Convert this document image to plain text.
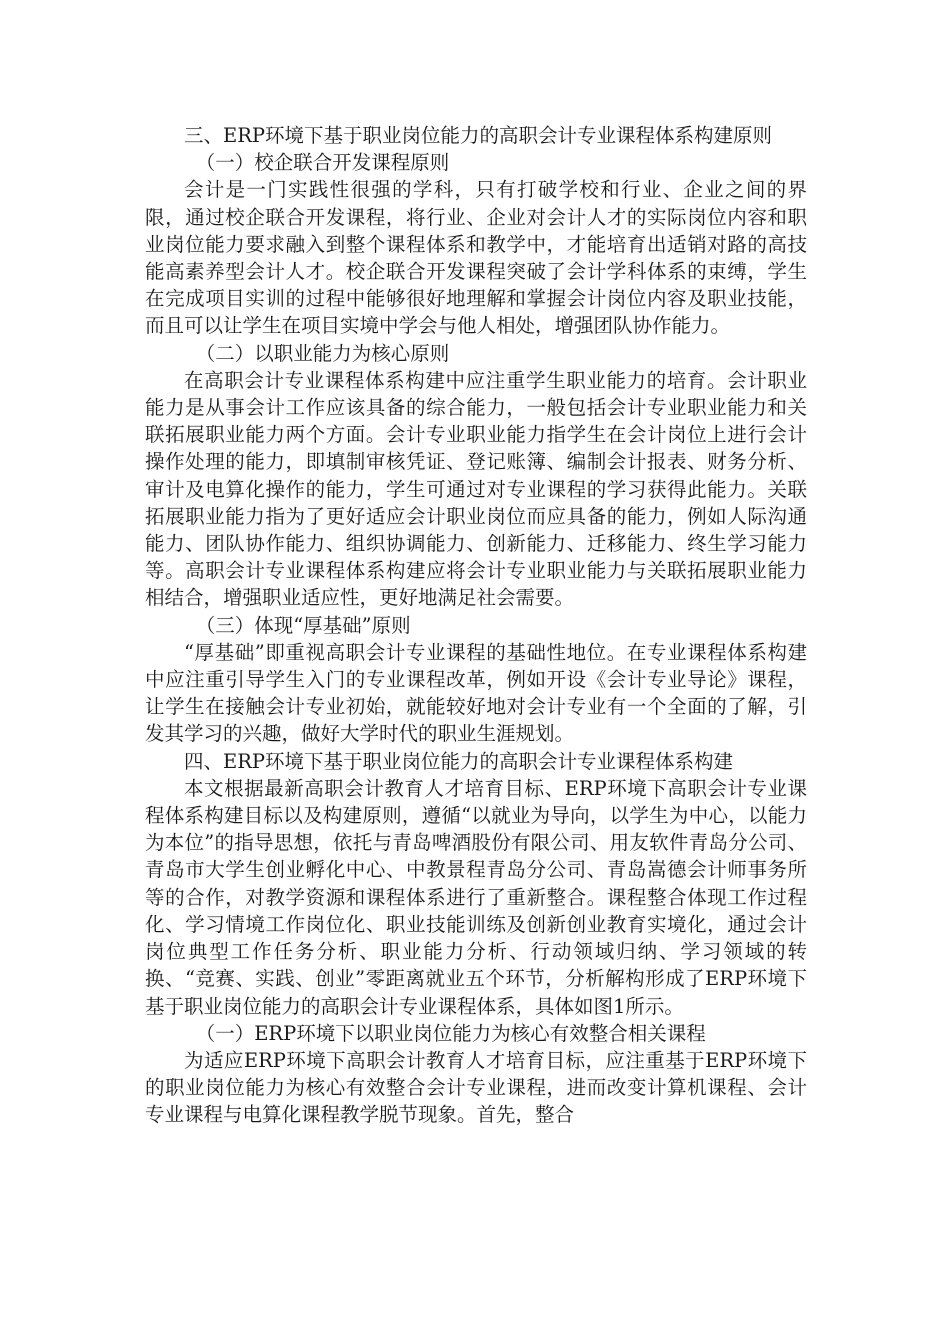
三、ERP环境下基于职业岗位能力的高职会计专业课程体系构建原则

（一）校企联合开发课程原则

会计是一门实践性很强的学科，只有打破学校和行业、企业之间的界限，通过校企联合开发课程，将行业、企业对会计人才的实际岗位内容和职业岗位能力要求融入到整个课程体系和教学中，才能培育出适销对路的高技能高素养型会计人才。校企联合开发课程突破了会计学科体系的束缚，学生在完成项目实训的过程中能够很好地理解和掌握会计岗位内容及职业技能，而且可以让学生在项目实境中学会与他人相处，增强团队协作能力。

（二）以职业能力为核心原则

在高职会计专业课程体系构建中应注重学生职业能力的培育。会计职业能力是从事会计工作应该具备的综合能力，一般包括会计专业职业能力和关联拓展职业能力两个方面。会计专业职业能力指学生在会计岗位上进行会计操作处理的能力，即填制审核凭证、登记账簿、编制会计报表、财务分析、审计及电算化操作的能力，学生可通过对专业课程的学习获得此能力。关联拓展职业能力指为了更好适应会计职业岗位而应具备的能力，例如人际沟通能力、团队协作能力、组织协调能力、创新能力、迁移能力、终生学习能力等。高职会计专业课程体系构建应将会计专业职业能力与关联拓展职业能力相结合，增强职业适应性，更好地满足社会需要。

（三）体现“厚基础”原则

“厚基础”即重视高职会计专业课程的基础性地位。在专业课程体系构建中应注重引导学生入门的专业课程改革，例如开设《会计专业导论》课程，让学生在接触会计专业初始，就能较好地对会计专业有一个全面的了解，引发其学习的兴趣，做好大学时代的职业生涯规划。

四、ERP环境下基于职业岗位能力的高职会计专业课程体系构建

本文根据最新高职会计教育人才培育目标、ERP环境下高职会计专业课程体系构建目标以及构建原则，遵循“以就业为导向，以学生为中心，以能力为本位”的指导思想，依托与青岛啤酒股份有限公司、用友软件青岛分公司、青岛市大学生创业孵化中心、中教景程青岛分公司、青岛嵩德会计师事务所等的合作，对教学资源和课程体系进行了重新整合。课程整合体现工作过程化、学习情境工作岗位化、职业技能训练及创新创业教育实境化，通过会计岗位典型工作任务分析、职业能力分析、行动领域归纳、学习领域的转换、“竞赛、实践、创业”零距离就业五个环节，分析解构形成了ERP环境下基于职业岗位能力的高职会计专业课程体系，具体如图1所示。

（一）ERP环境下以职业岗位能力为核心有效整合相关课程

为适应ERP环境下高职会计教育人才培育目标，应注重基于ERP环境下的职业岗位能力为核心有效整合会计专业课程，进而改变计算机课程、会计专业课程与电算化课程教学脱节现象。首先，整合
